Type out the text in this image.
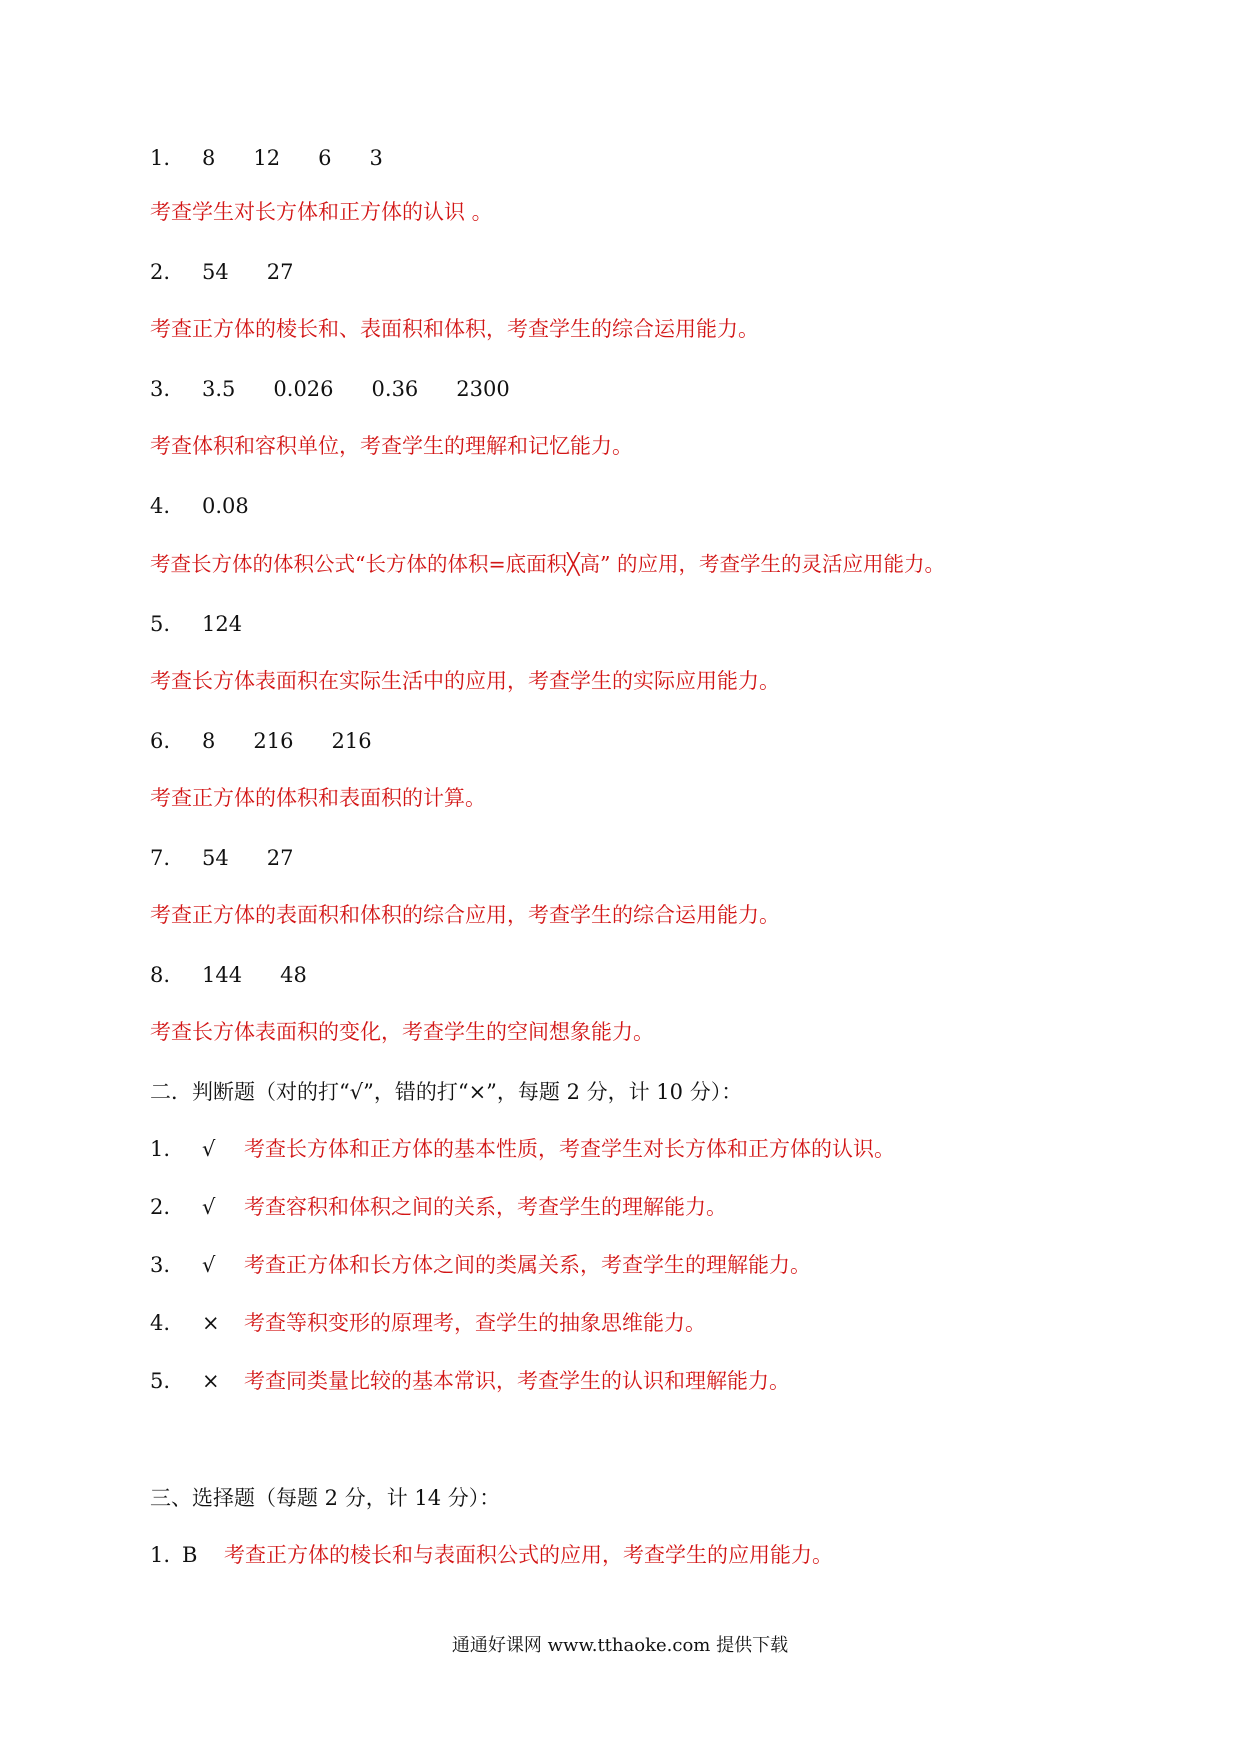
1. 8 12 6 3
考查学生对长方体和正方体的认识 。
2. 54 27
考查正方体的棱长和、表面积和体积，考查学生的综合运用能力。
3. 3.5 0.026 0.36 2300
考查体积和容积单位，考查学生的理解和记忆能力。
4. 0.08
考查长方体的体积公式“长方体的体积=底面积╳高” 的应用，考查学生的灵活应用能力。
5. 124
考查长方体表面积在实际生活中的应用，考查学生的实际应用能力。
6. 8 216 216
考查正方体的体积和表面积的计算。
7. 54 27
考查正方体的表面积和体积的综合应用，考查学生的综合运用能力。
8. 144 48
考查长方体表面积的变化，考查学生的空间想象能力。
二．判断题（对的打“√”，错的打“×”，每题 2 分，计 10 分）：
1. √ 考查长方体和正方体的基本性质，考查学生对长方体和正方体的认识。
2. √ 考查容积和体积之间的关系，考查学生的理解能力。
3. √ 考查正方体和长方体之间的类属关系，考查学生的理解能力。
4. × 考查等积变形的原理考，查学生的抽象思维能力。
5. × 考查同类量比较的基本常识，考查学生的认识和理解能力。
三、选择题（每题 2 分，计 14 分）：
1. B 考查正方体的棱长和与表面积公式的应用，考查学生的应用能力。
通通好课网 www.tthaoke.com 提供下载
